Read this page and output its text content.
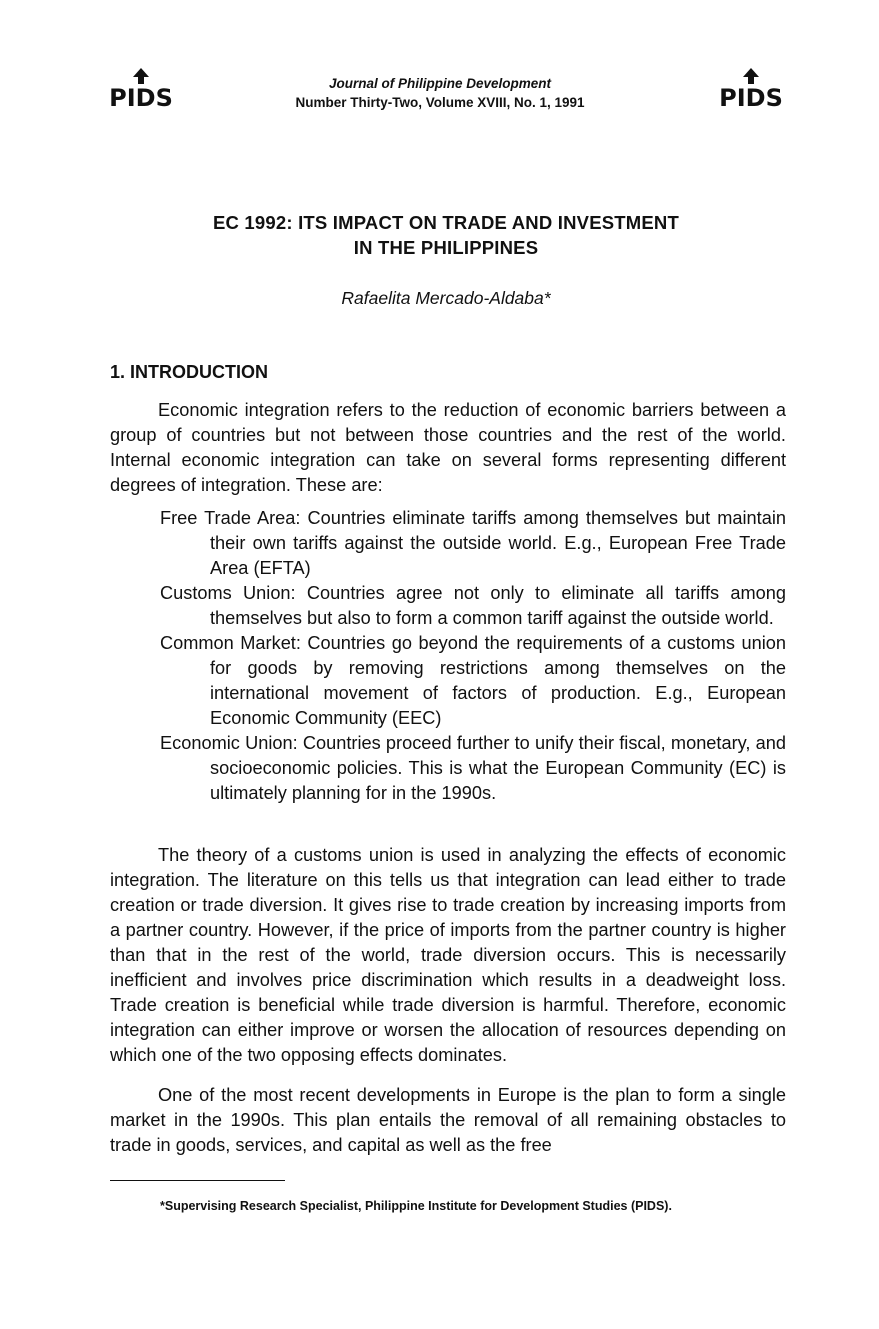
PIDS
Journal of Philippine Development
Number Thirty-Two, Volume XVIII, No. 1, 1991	PIDS
EC 1992: ITS IMPACT ON TRADE AND INVESTMENT
IN THE PHILIPPINES
Rafaelita Mercado-Aldaba*
1. INTRODUCTION

Economic integration refers to the reduction of economic barriers between a group of countries but not between those countries and the rest of the world. Internal economic integration can take on several forms representing different degrees of integration. These are:

Free Trade Area: Countries eliminate tariffs among themselves but maintain their own tariffs against the outside world. E.g., European Free Trade Area (EFTA)

Customs Union: Countries agree not only to eliminate all tariffs among themselves but also to form a common tariff against the outside world.

Common Market: Countries go beyond the requirements of a customs union for goods by removing restrictions among themselves on the international movement of factors of production. E.g., European Economic Community (EEC)

Economic Union: Countries proceed further to unify their fiscal, monetary, and socioeconomic policies. This is what the European Community (EC) is ultimately planning for in the 1990s.

The theory of a customs union is used in analyzing the effects of economic integration. The literature on this tells us that integration can lead either to trade creation or trade diversion. It gives rise to trade creation by increasing imports from a partner country. However, if the price of imports from the partner country is higher than that in the rest of the world, trade diversion occurs. This is necessarily inefficient and involves price discrimination which results in a deadweight loss. Trade creation is beneficial while trade diversion is harmful. Therefore, economic integration can either improve or worsen the allocation of resources depending on which one of the two opposing effects dominates.

One of the most recent developments in Europe is the plan to form a single market in the 1990s. This plan entails the removal of all remaining obstacles to trade in goods, services, and capital as well as the free

*Supervising Research Specialist, Philippine Institute for Development Studies (PIDS).
